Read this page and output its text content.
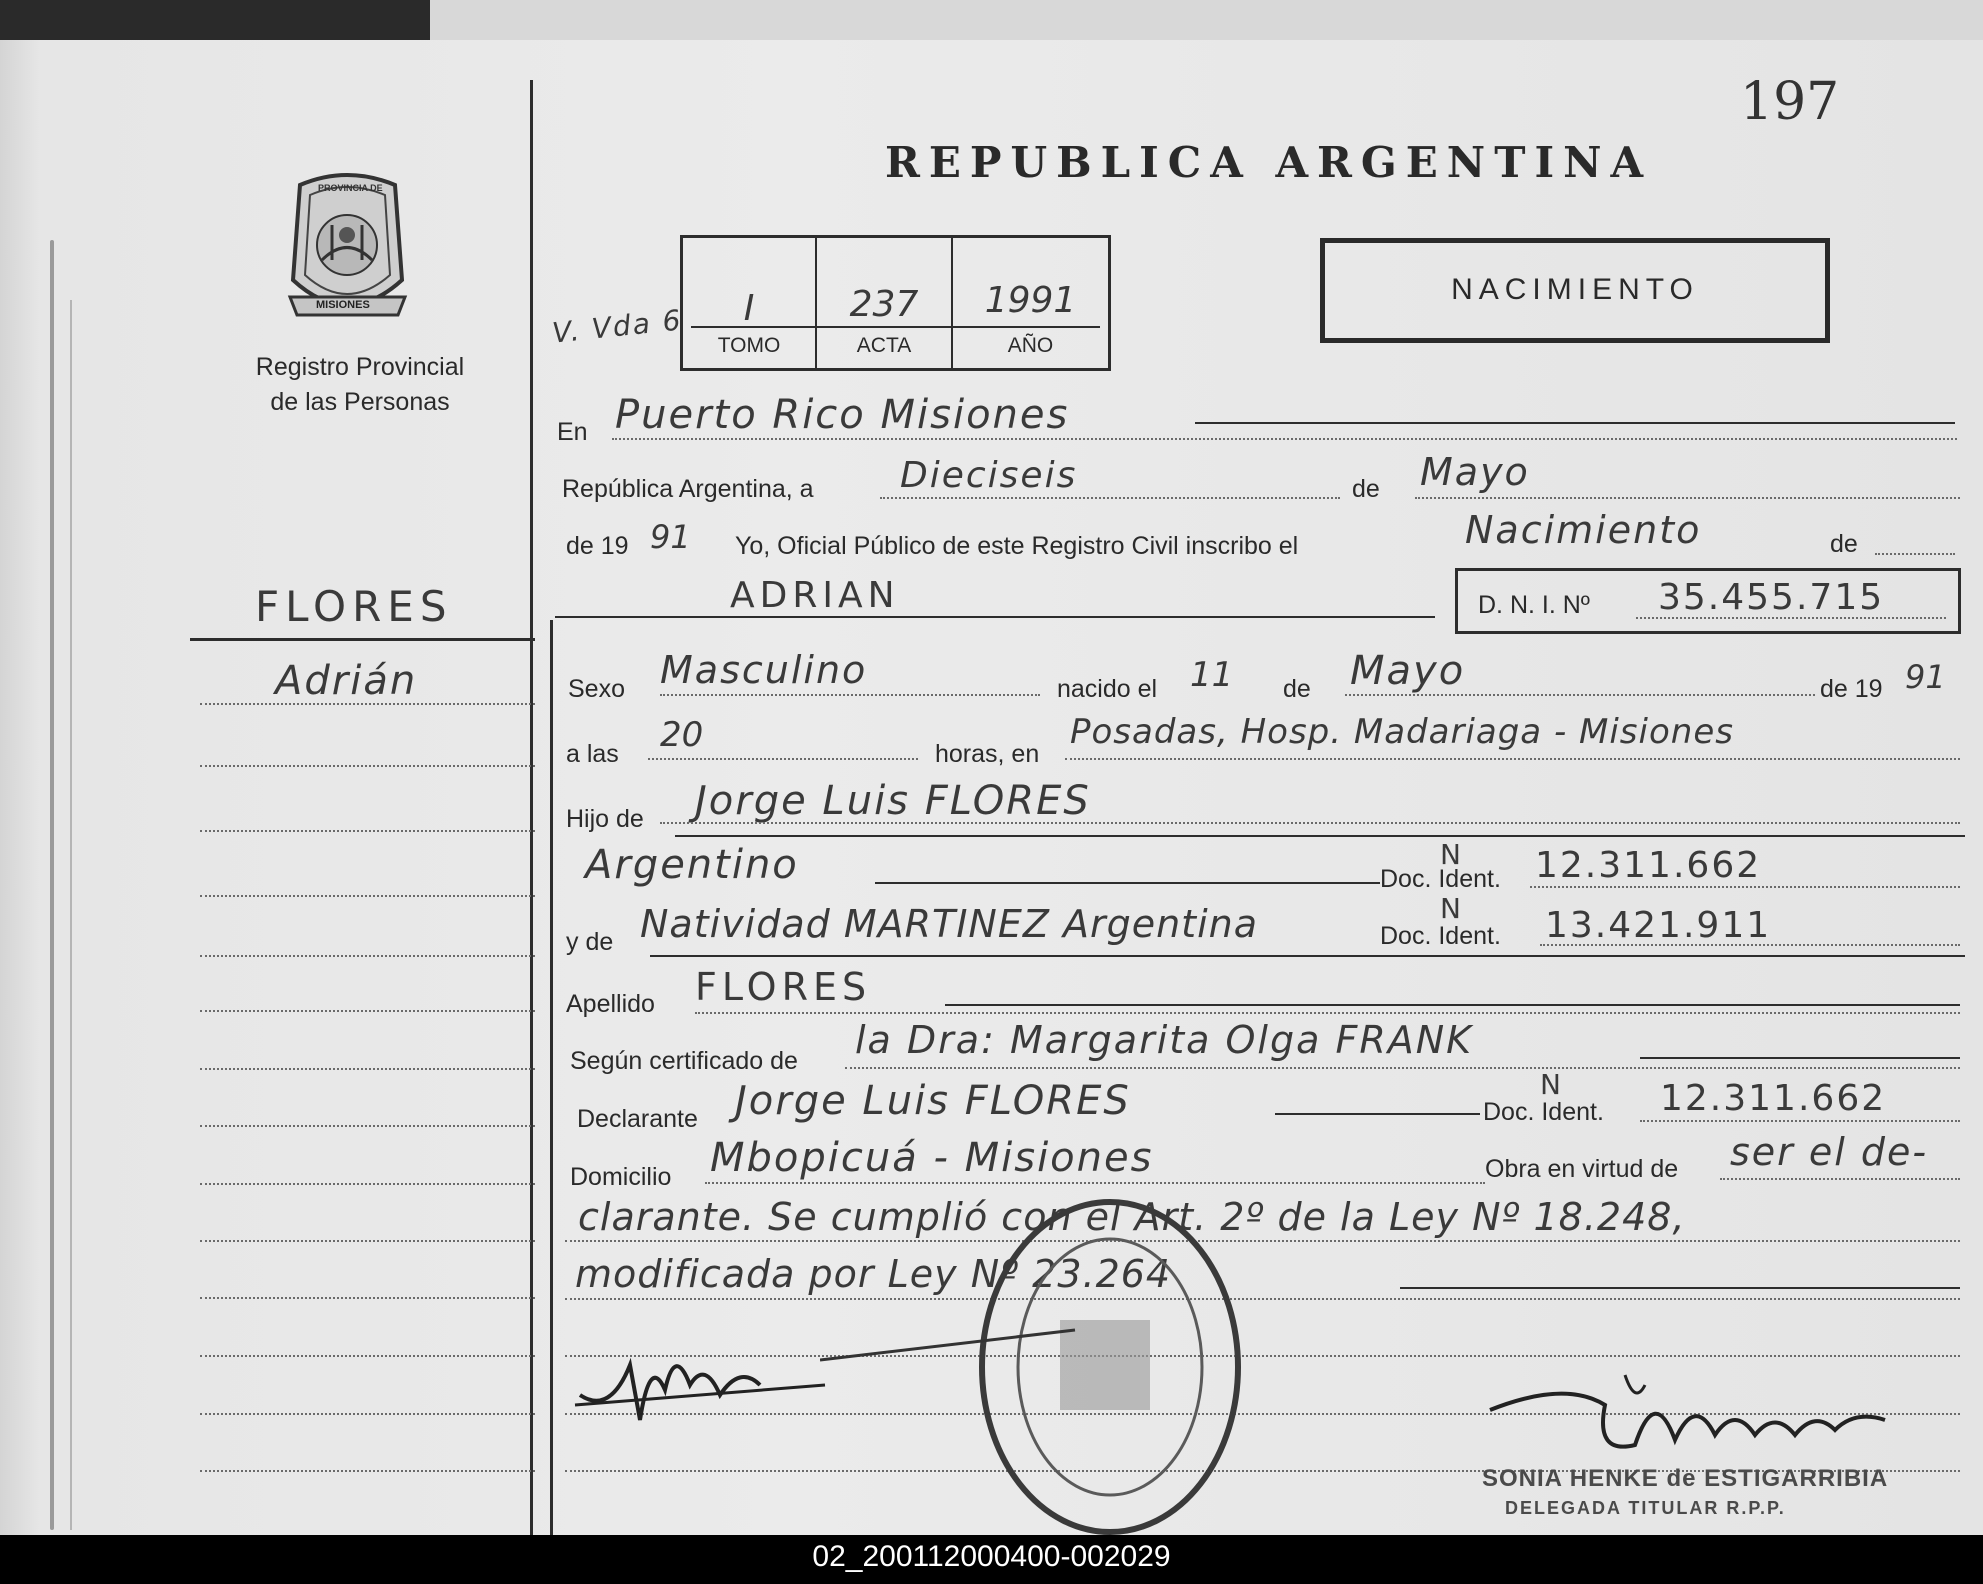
197
REPUBLICA ARGENTINA
PROVINCIA DE
MISIONES
Registro Provincial
de las Personas
V. Vda 6	I	237	1991
TOMO	ACTA	AÑO
NACIMIENTO
FLORES
Adrián
En Puerto Rico Misiones
República Argentina, a Dieciseis	de Mayo
de 19 91 Yo, Oficial Público de este Registro Civil inscribo el	Nacimiento	de
ADRIAN	D. N. I. Nº 35.455.715
Sexo Masculino	nacido el 11 de Mayo	de 19 91
a las 20	horas, en
Posadas, Hosp. Madariaga - Misiones
Hijo de Jorge Luis FLORES
Argentino	Doc. Ident.
N 12.311.662
y de Natividad MARTINEZ Argentina	Doc. Ident.
N 13.421.911
Apellido FLORES
Según certificado de la Dra: Margarita Olga FRANK
Declarante Jorge Luis FLORES	Doc. Ident.
N	12.311.662
Domicilio Mbopicuá - Misiones	Obra en virtud de ser el de-
clarante. Se cumplió con el Art. 2º de la Ley Nº 18.248,
modificada por Ley Nº 23.264
SONIA HENKE de ESTIGARRIBIA
DELEGADA TITULAR R.P.P.
02_200112000400-002029
